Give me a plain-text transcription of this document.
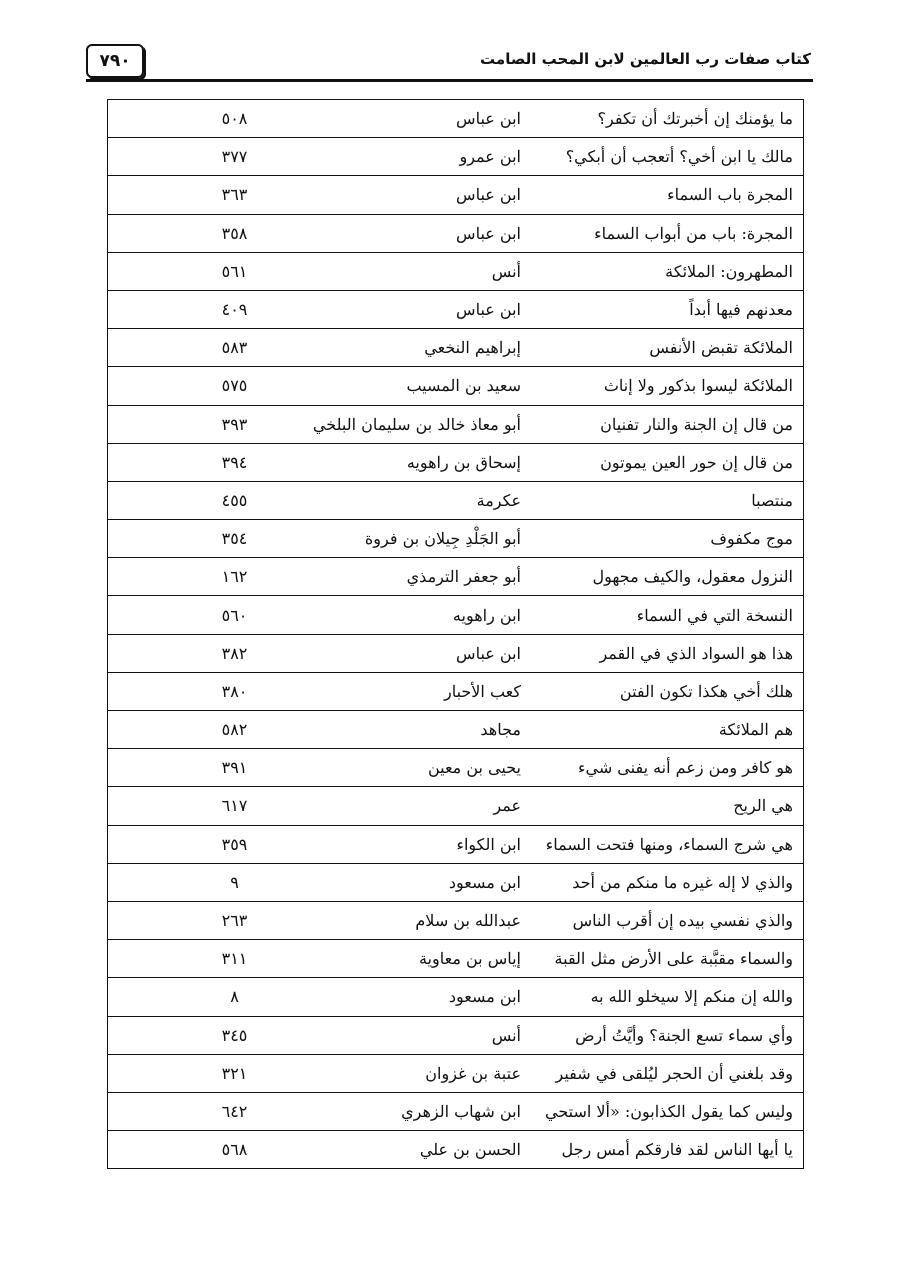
٧٩٠	كتاب صفات رب العالمين لابن المحب الصامت
ما يؤمنك إن أخبرتك أن تكفر؟	ابن عباس	٥٠٨
مالك يا ابن أخي؟ أتعجب أن أبكي؟	ابن عمرو	٣٧٧
المجرة باب السماء	ابن عباس	٣٦٣
المجرة: باب من أبواب السماء	ابن عباس	٣٥٨
المطهرون: الملائكة	أنس	٥٦١
معدنهم فيها أبداً	ابن عباس	٤٠٩
الملائكة تقبض الأنفس	إبراهيم النخعي	٥٨٣
الملائكة ليسوا بذكور ولا إناث	سعيد بن المسيب	٥٧٥
من قال إن الجنة والنار تفنيان	أبو معاذ خالد بن سليمان البلخي	٣٩٣
من قال إن حور العين يموتون	إسحاق بن راهويه	٣٩٤
منتصبا	عكرمة	٤٥٥
موج مكفوف	أبو الجَلْدِ جِيلان بن فروة	٣٥٤
النزول معقول، والكيف مجهول	أبو جعفر الترمذي	١٦٢
النسخة التي في السماء	ابن راهويه	٥٦٠
هذا هو السواد الذي في القمر	ابن عباس	٣٨٢
هلك أخي هكذا تكون الفتن	كعب الأحبار	٣٨٠
هم الملائكة	مجاهد	٥٨٢
هو كافر ومن زعم أنه يفنى شيء	يحيى بن معين	٣٩١
هي الريح	عمر	٦١٧
هي شرج السماء، ومنها فتحت السماء	ابن الكواء	٣٥٩
والذي لا إله غيره ما منكم من أحد	ابن مسعود	٩
والذي نفسي بيده إن أقرب الناس	عبدالله بن سلام	٢٦٣
والسماء مقبَّبة على الأرض مثل القبة	إياس بن معاوية	٣١١
والله إن منكم إلا سيخلو الله به	ابن مسعود	٨
وأي سماء تسع الجنة؟ وأيَّتُ أرض	أنس	٣٤٥
وقد بلغني أن الحجر ليُلقى في شفير	عتبة بن غزوان	٣٢١
وليس كما يقول الكذابون: «ألا استحي	ابن شهاب الزهري	٦٤٢
يا أيها الناس لقد فارقكم أمس رجل	الحسن بن علي	٥٦٨
